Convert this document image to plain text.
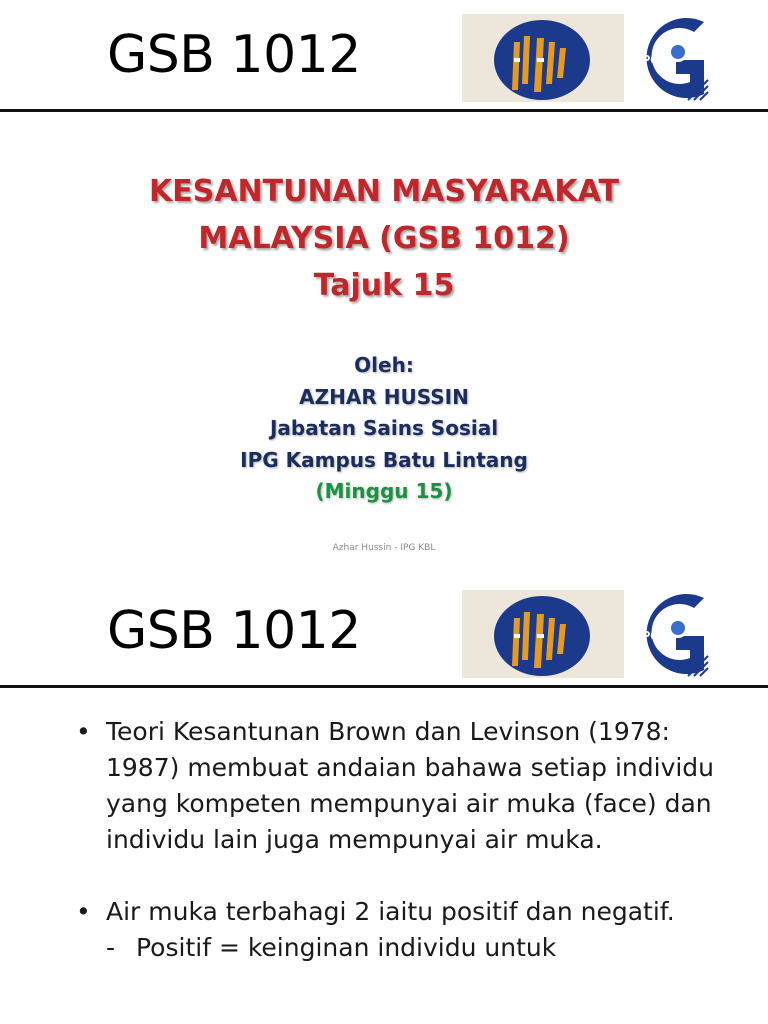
GSB 1012	IPG
KESANTUNAN MASYARAKAT
MALAYSIA (GSB 1012)
Tajuk 15
Oleh:
AZHAR HUSSIN
Jabatan Sains Sosial
IPG Kampus Batu Lintang
(Minggu 15)
Azhar Hussin - IPG KBL
GSB 1012	IPG
• Teori Kesantunan Brown dan Levinson (1978: 1987) membuat andaian bahawa setiap individu yang kompeten mempunyai air muka (face) dan individu lain juga mempunyai air muka.
• Air muka terbahagi 2 iaitu positif dan negatif.
- Positif = keinginan individu untuk
